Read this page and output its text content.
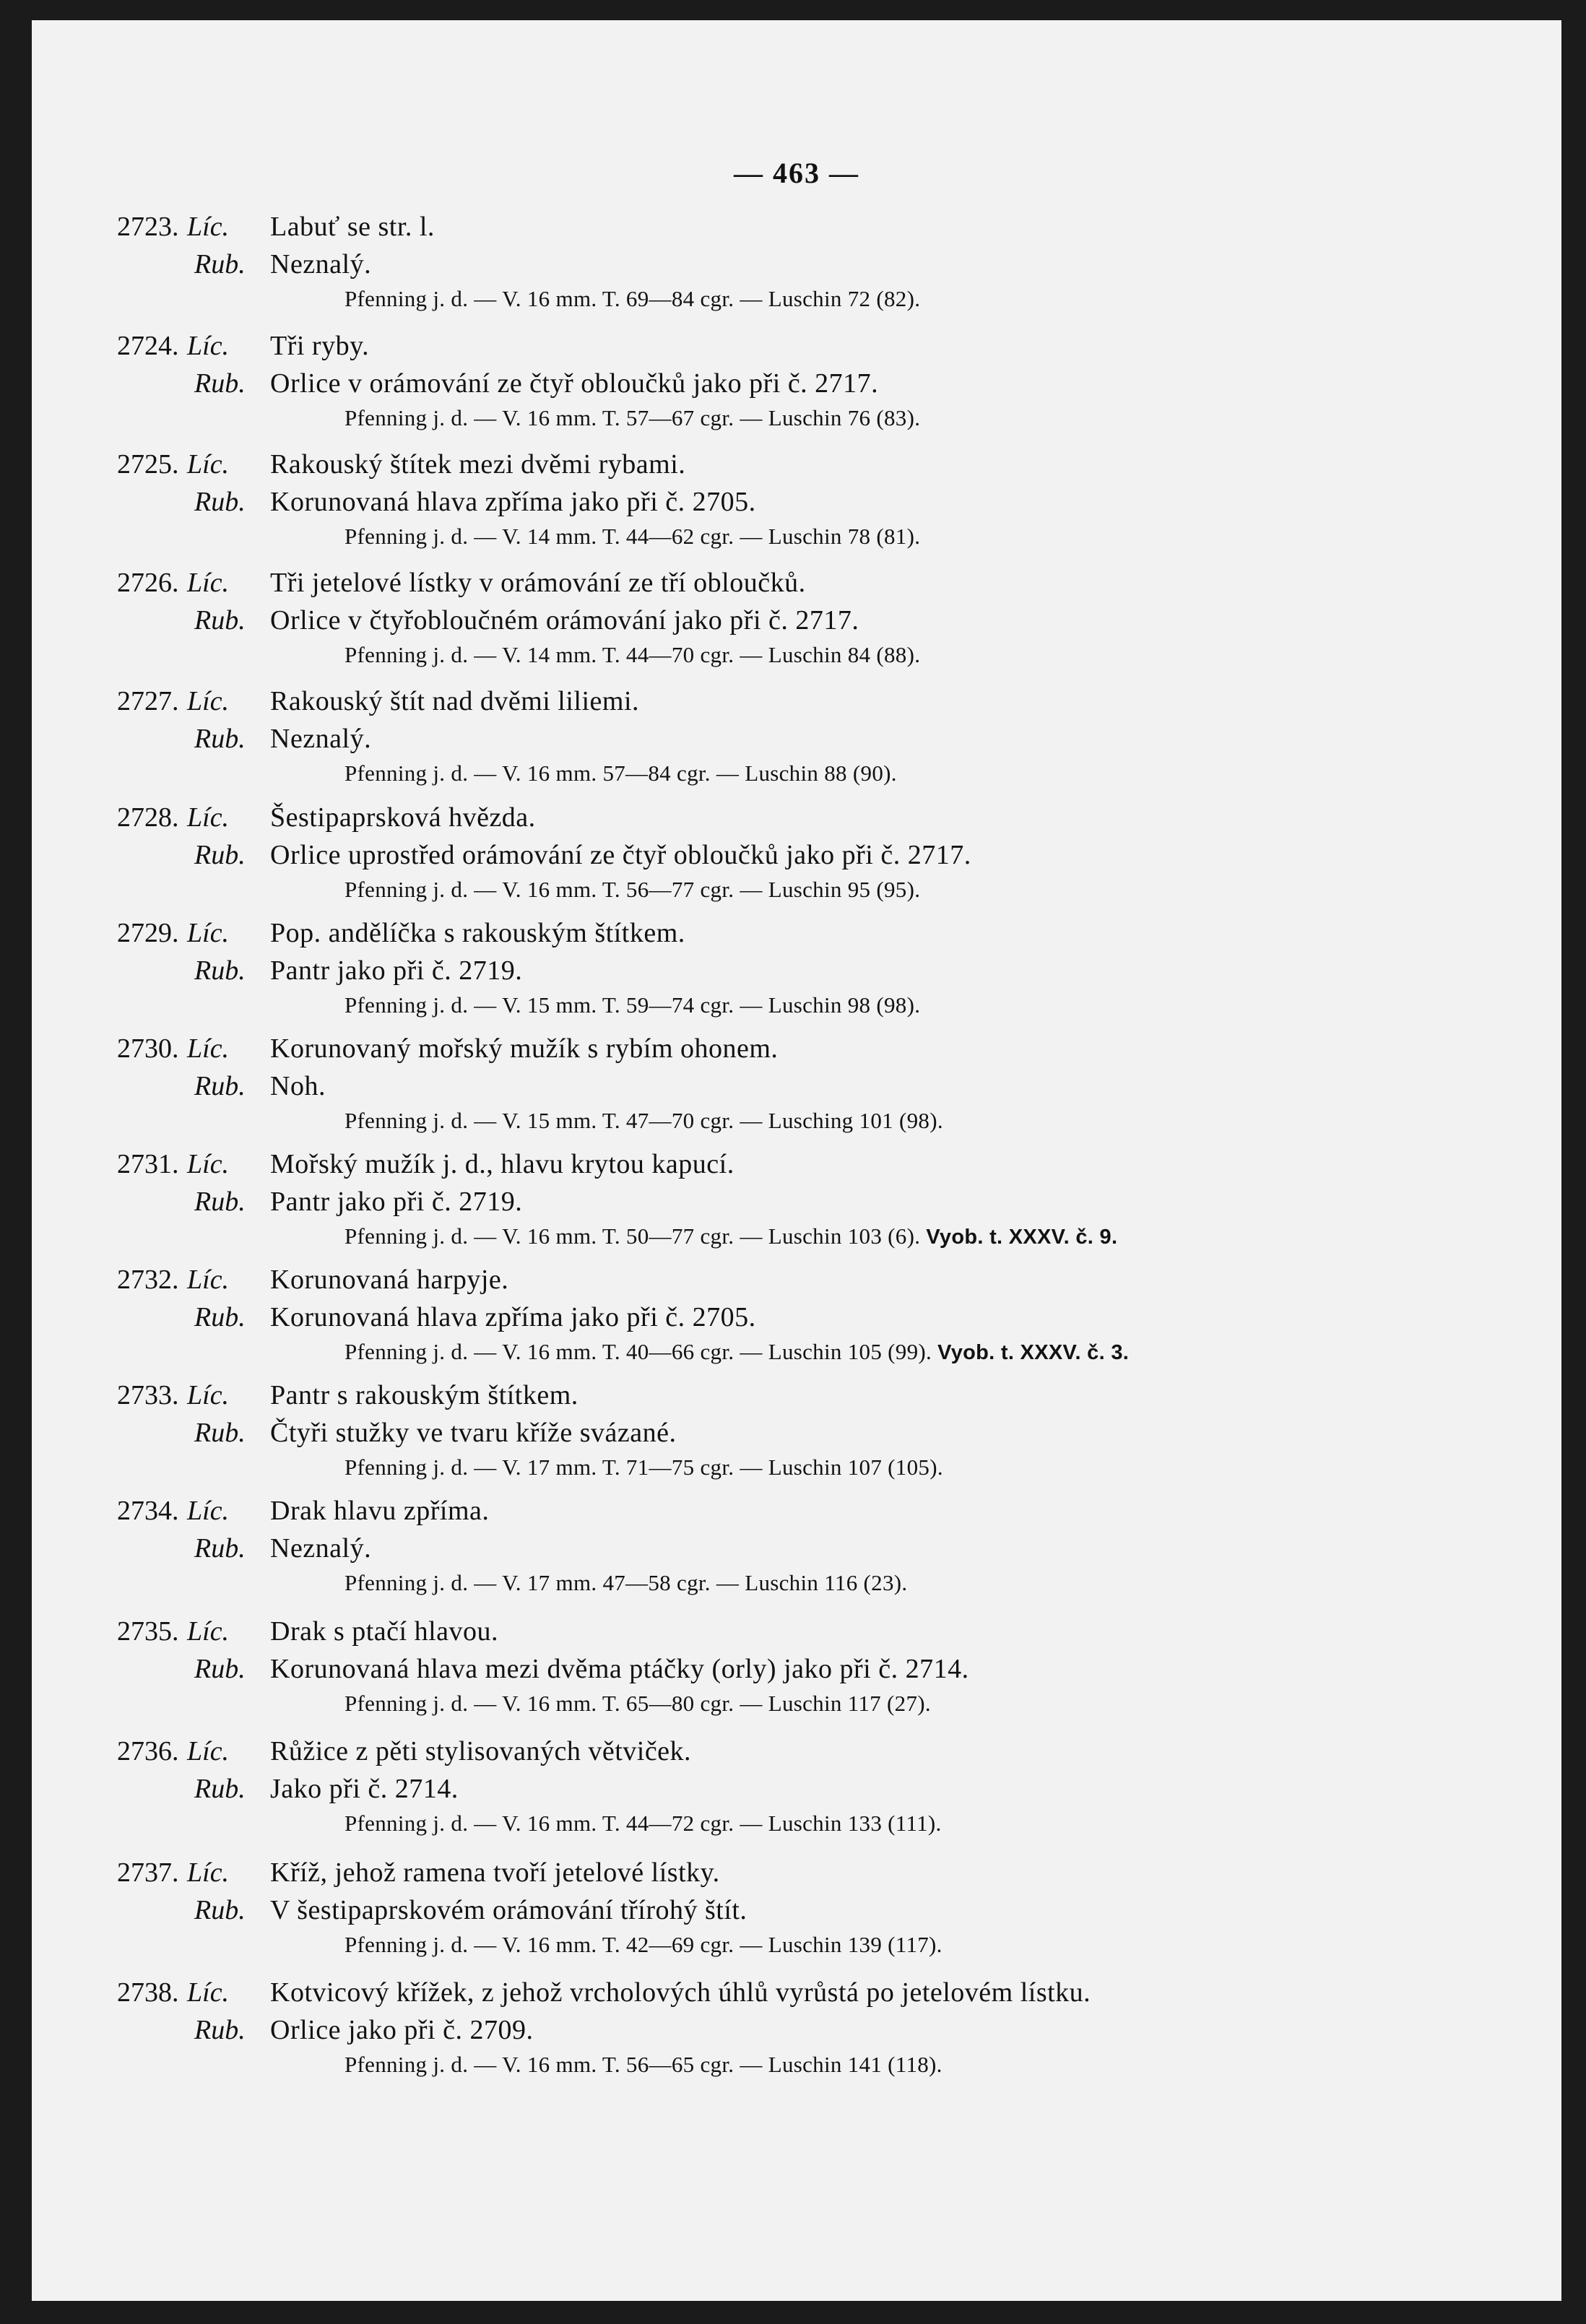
— 463 —
2723. Líc. Labuť se str. l.
Rub. Neznalý.
Pfenning j. d. — V. 16 mm. T. 69—84 cgr. — Luschin 72 (82).
2724. Líc. Tři ryby.
Rub. Orlice v orámování ze čtyř obloučků jako při č. 2717.
Pfenning j. d. — V. 16 mm. T. 57—67 cgr. — Luschin 76 (83).
2725. Líc. Rakouský štítek mezi dvěmi rybami.
Rub. Korunovaná hlava zpříma jako při č. 2705.
Pfenning j. d. — V. 14 mm. T. 44—62 cgr. — Luschin 78 (81).
2726. Líc. Tři jetelové lístky v orámování ze tří obloučků.
Rub. Orlice v čtyřobloučném orámování jako při č. 2717.
Pfenning j. d. — V. 14 mm. T. 44—70 cgr. — Luschin 84 (88).
2727. Líc. Rakouský štít nad dvěmi liliemi.
Rub. Neznalý.
Pfenning j. d. — V. 16 mm. 57—84 cgr. — Luschin 88 (90).
2728. Líc. Šestipaprsková hvězda.
Rub. Orlice uprostřed orámování ze čtyř obloučků jako při č. 2717.
Pfenning j. d. — V. 16 mm. T. 56—77 cgr. — Luschin 95 (95).
2729. Líc. Pop. andělíčka s rakouským štítkem.
Rub. Pantr jako při č. 2719.
Pfenning j. d. — V. 15 mm. T. 59—74 cgr. — Luschin 98 (98).
2730. Líc. Korunovaný mořský mužík s rybím ohonem.
Rub. Noh.
Pfenning j. d. — V. 15 mm. T. 47—70 cgr. — Lusching 101 (98).
2731. Líc. Mořský mužík j. d., hlavu krytou kapucí.
Rub. Pantr jako při č. 2719.
Pfenning j. d. — V. 16 mm. T. 50—77 cgr. — Luschin 103 (6). Vyob. t. XXXV. č. 9.
2732. Líc. Korunovaná harpyje.
Rub. Korunovaná hlava zpříma jako při č. 2705.
Pfenning j. d. — V. 16 mm. T. 40—66 cgr. — Luschin 105 (99). Vyob. t. XXXV. č. 3.
2733. Líc. Pantr s rakouským štítkem.
Rub. Čtyři stužky ve tvaru kříže svázané.
Pfenning j. d. — V. 17 mm. T. 71—75 cgr. — Luschin 107 (105).
2734. Líc. Drak hlavu zpříma.
Rub. Neznalý.
Pfenning j. d. — V. 17 mm. 47—58 cgr. — Luschin 116 (23).
2735. Líc. Drak s ptačí hlavou.
Rub. Korunovaná hlava mezi dvěma ptáčky (orly) jako při č. 2714.
Pfenning j. d. — V. 16 mm. T. 65—80 cgr. — Luschin 117 (27).
2736. Líc. Růžice z pěti stylisovaných větviček.
Rub. Jako při č. 2714.
Pfenning j. d. — V. 16 mm. T. 44—72 cgr. — Luschin 133 (111).
2737. Líc. Kříž, jehož ramena tvoří jetelové lístky.
Rub. V šestipaprskovém orámování třírohý štít.
Pfenning j. d. — V. 16 mm. T. 42—69 cgr. — Luschin 139 (117).
2738. Líc. Kotvicový křížek, z jehož vrcholových úhlů vyrůstá po jetelovém lístku.
Rub. Orlice jako při č. 2709.
Pfenning j. d. — V. 16 mm. T. 56—65 cgr. — Luschin 141 (118).
